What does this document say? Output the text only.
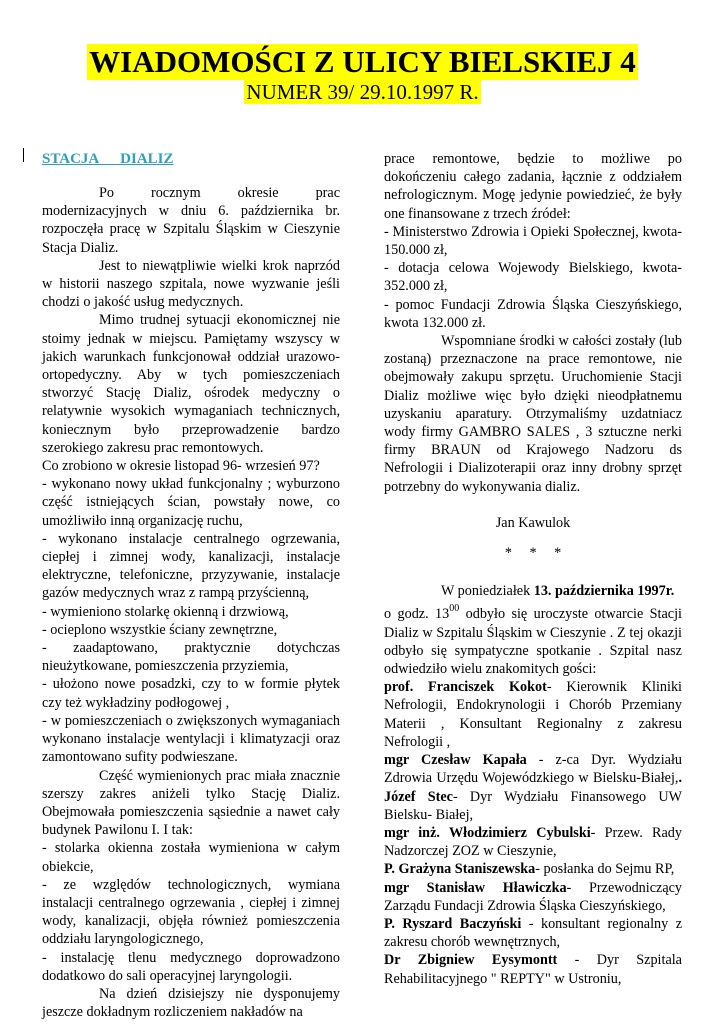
WIADOMOŚCI Z ULICY BIELSKIEJ 4
NUMER 39/ 29.10.1997 R.

STACJA DIALIZ

Po rocznym okresie prac modernizacyjnych w dniu 6. października br. rozpoczęła pracę w Szpitalu Śląskim w Cieszynie Stacja Dializ.

Jest to niewątpliwie wielki krok naprzód w historii naszego szpitala, nowe wyzwanie jeśli chodzi o jakość usług medycznych.

Mimo trudnej sytuacji ekonomicznej nie stoimy jednak w miejscu. Pamiętamy wszyscy w jakich warunkach funkcjonował oddział urazowo- ortopedyczny. Aby w tych pomieszczeniach stworzyć Stację Dializ, ośrodek medyczny o relatywnie wysokich wymaganiach technicznych, koniecznym było przeprowadzenie bardzo szerokiego zakresu prac remontowych.

Co zrobiono w okresie listopad 96- wrzesień 97?

- wykonano nowy układ funkcjonalny ; wyburzono część istniejących ścian, powstały nowe, co umożliwiło inną organizację ruchu,

- wykonano instalacje centralnego ogrzewania, ciepłej i zimnej wody, kanalizacji, instalacje elektryczne, telefoniczne, przyzywanie, instalacje gazów medycznych wraz z rampą przyścienną,

- wymieniono stolarkę okienną i drzwiową,

- ocieplono wszystkie ściany zewnętrzne,

- zaadaptowano, praktycznie dotychczas nieużytkowane, pomieszczenia przyziemia,

- ułożono nowe posadzki, czy to w formie płytek czy też wykładziny podłogowej ,

- w pomieszczeniach o zwiększonych wymaganiach wykonano instalacje wentylacji i klimatyzacji oraz zamontowano sufity podwieszane.

Część wymienionych prac miała znacznie szerszy zakres aniżeli tylko Stację Dializ. Obejmowała pomieszczenia sąsiednie a nawet cały budynek Pawilonu I. I tak:

- stolarka okienna została wymieniona w całym obiekcie,

- ze względów technologicznych, wymiana instalacji centralnego ogrzewania , ciepłej i zimnej wody, kanalizacji, objęła również pomieszczenia oddziału laryngologicznego,

- instalację tlenu medycznego doprowadzono dodatkowo do sali operacyjnej laryngologii.

Na dzień dzisiejszy nie dysponujemy jeszcze dokładnym rozliczeniem nakładów na

prace remontowe, będzie to możliwe po dokończeniu całego zadania, łącznie z oddziałem nefrologicznym. Mogę jedynie powiedzieć, że były one finansowane z trzech źródeł:

- Ministerstwo Zdrowia i Opieki Społecznej, kwota- 150.000 zł,

- dotacja celowa Wojewody Bielskiego, kwota- 352.000 zł,

- pomoc Fundacji Zdrowia Śląska Cieszyńskiego, kwota 132.000 zł.

Wspomniane środki w całości zostały (lub zostaną) przeznaczone na prace remontowe, nie obejmowały zakupu sprzętu. Uruchomienie Stacji Dializ możliwe więc było dzięki nieodpłatnemu uzyskaniu aparatury. Otrzymaliśmy uzdatniacz wody firmy GAMBRO SALES , 3 sztuczne nerki firmy BRAUN od Krajowego Nadzoru ds Nefrologii i Dializoterapii oraz inny drobny sprzęt potrzebny do wykonywania dializ.

Jan Kawulok

* * *

W poniedziałek 13. października 1997r.

o godz. $13^{00}$ odbyło się uroczyste otwarcie Stacji Dializ w Szpitalu Śląskim w Cieszynie . Z tej okazji odbyło się sympatyczne spotkanie . Szpital nasz odwiedziło wielu znakomitych gości:

prof. Franciszek Kokot- Kierownik Kliniki Nefrologii, Endokrynologii i Chorób Przemiany Materii , Konsultant Regionalny z zakresu Nefrologii ,

mgr Czesław Kapała - z-ca Dyr. Wydziału Zdrowia Urzędu Wojewódzkiego w Bielsku-Białej,. Józef Stec- Dyr Wydziału Finansowego UW Bielsku- Białej,

mgr inż. Włodzimierz Cybulski- Przew. Rady Nadzorczej ZOZ w Cieszynie,

P. Grażyna Staniszewska- posłanka do Sejmu RP,

mgr Stanisław Hławiczka- Przewodniczący Zarządu Fundacji Zdrowia Śląska Cieszyńskiego,

P. Ryszard Baczyński - konsultant regionalny z zakresu chorób wewnętrznych,

Dr Zbigniew Eysymontt - Dyr Szpitala Rehabilitacyjnego " REPTY" w Ustroniu,
